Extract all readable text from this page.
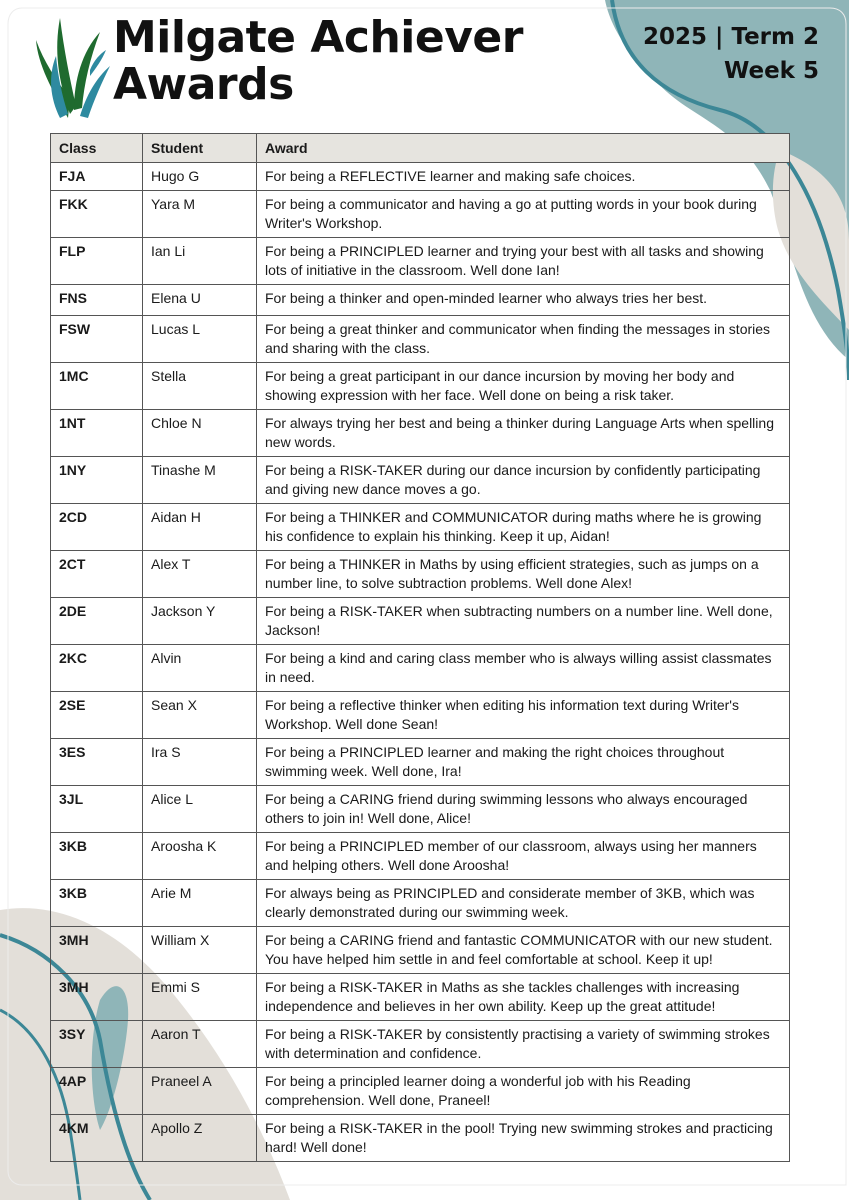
Milgate Achiever
Awards
2025 | Term 2
Week 5
Class	Student	Award
FJA	Hugo G	For being a REFLECTIVE learner and making safe choices.
FKK	Yara M	For being a communicator and having a go at putting words in your book during Writer's Workshop.
FLP	Ian Li	For being a PRINCIPLED learner and trying your best with all tasks and showing lots of initiative in the classroom. Well done Ian!
FNS	Elena U	For being a thinker and open-minded learner who always tries her best.
FSW	Lucas L	For being a great thinker and communicator when finding the messages in stories and sharing with the class.
1MC	Stella	For being a great participant in our dance incursion by moving her body and showing expression with her face. Well done on being a risk taker.
1NT	Chloe N	For always trying her best and being a thinker during Language Arts when spelling new words.
1NY	Tinashe M	For being a RISK-TAKER during our dance incursion by confidently participating and giving new dance moves a go.
2CD	Aidan H	For being a THINKER and COMMUNICATOR during maths where he is growing his confidence to explain his thinking. Keep it up, Aidan!
2CT	Alex T	For being a THINKER in Maths by using efficient strategies, such as jumps on a number line, to solve subtraction problems. Well done Alex!
2DE	Jackson Y	For being a RISK-TAKER when subtracting numbers on a number line. Well done, Jackson!
2KC	Alvin	For being a kind and caring class member who is always willing assist classmates in need.
2SE	Sean X	For being a reflective thinker when editing his information text during Writer's Workshop. Well done Sean!
3ES	Ira S	For being a PRINCIPLED learner and making the right choices throughout swimming week. Well done, Ira!
3JL	Alice L	For being a CARING friend during swimming lessons who always encouraged others to join in! Well done, Alice!
3KB	Aroosha K	For being a PRINCIPLED member of our classroom, always using her manners and helping others. Well done Aroosha!
3KB	Arie M	For always being as PRINCIPLED and considerate member of 3KB, which was clearly demonstrated during our swimming week.
3MH	William X	For being a CARING friend and fantastic COMMUNICATOR with our new student. You have helped him settle in and feel comfortable at school. Keep it up!
3MH	Emmi S	For being a RISK-TAKER in Maths as she tackles challenges with increasing independence and believes in her own ability. Keep up the great attitude!
3SY	Aaron T	For being a RISK-TAKER by consistently practising a variety of swimming strokes with determination and confidence.
4AP	Praneel A	For being a principled learner doing a wonderful job with his Reading comprehension. Well done, Praneel!
4KM	Apollo Z	For being a RISK-TAKER in the pool! Trying new swimming strokes and practicing hard! Well done!
